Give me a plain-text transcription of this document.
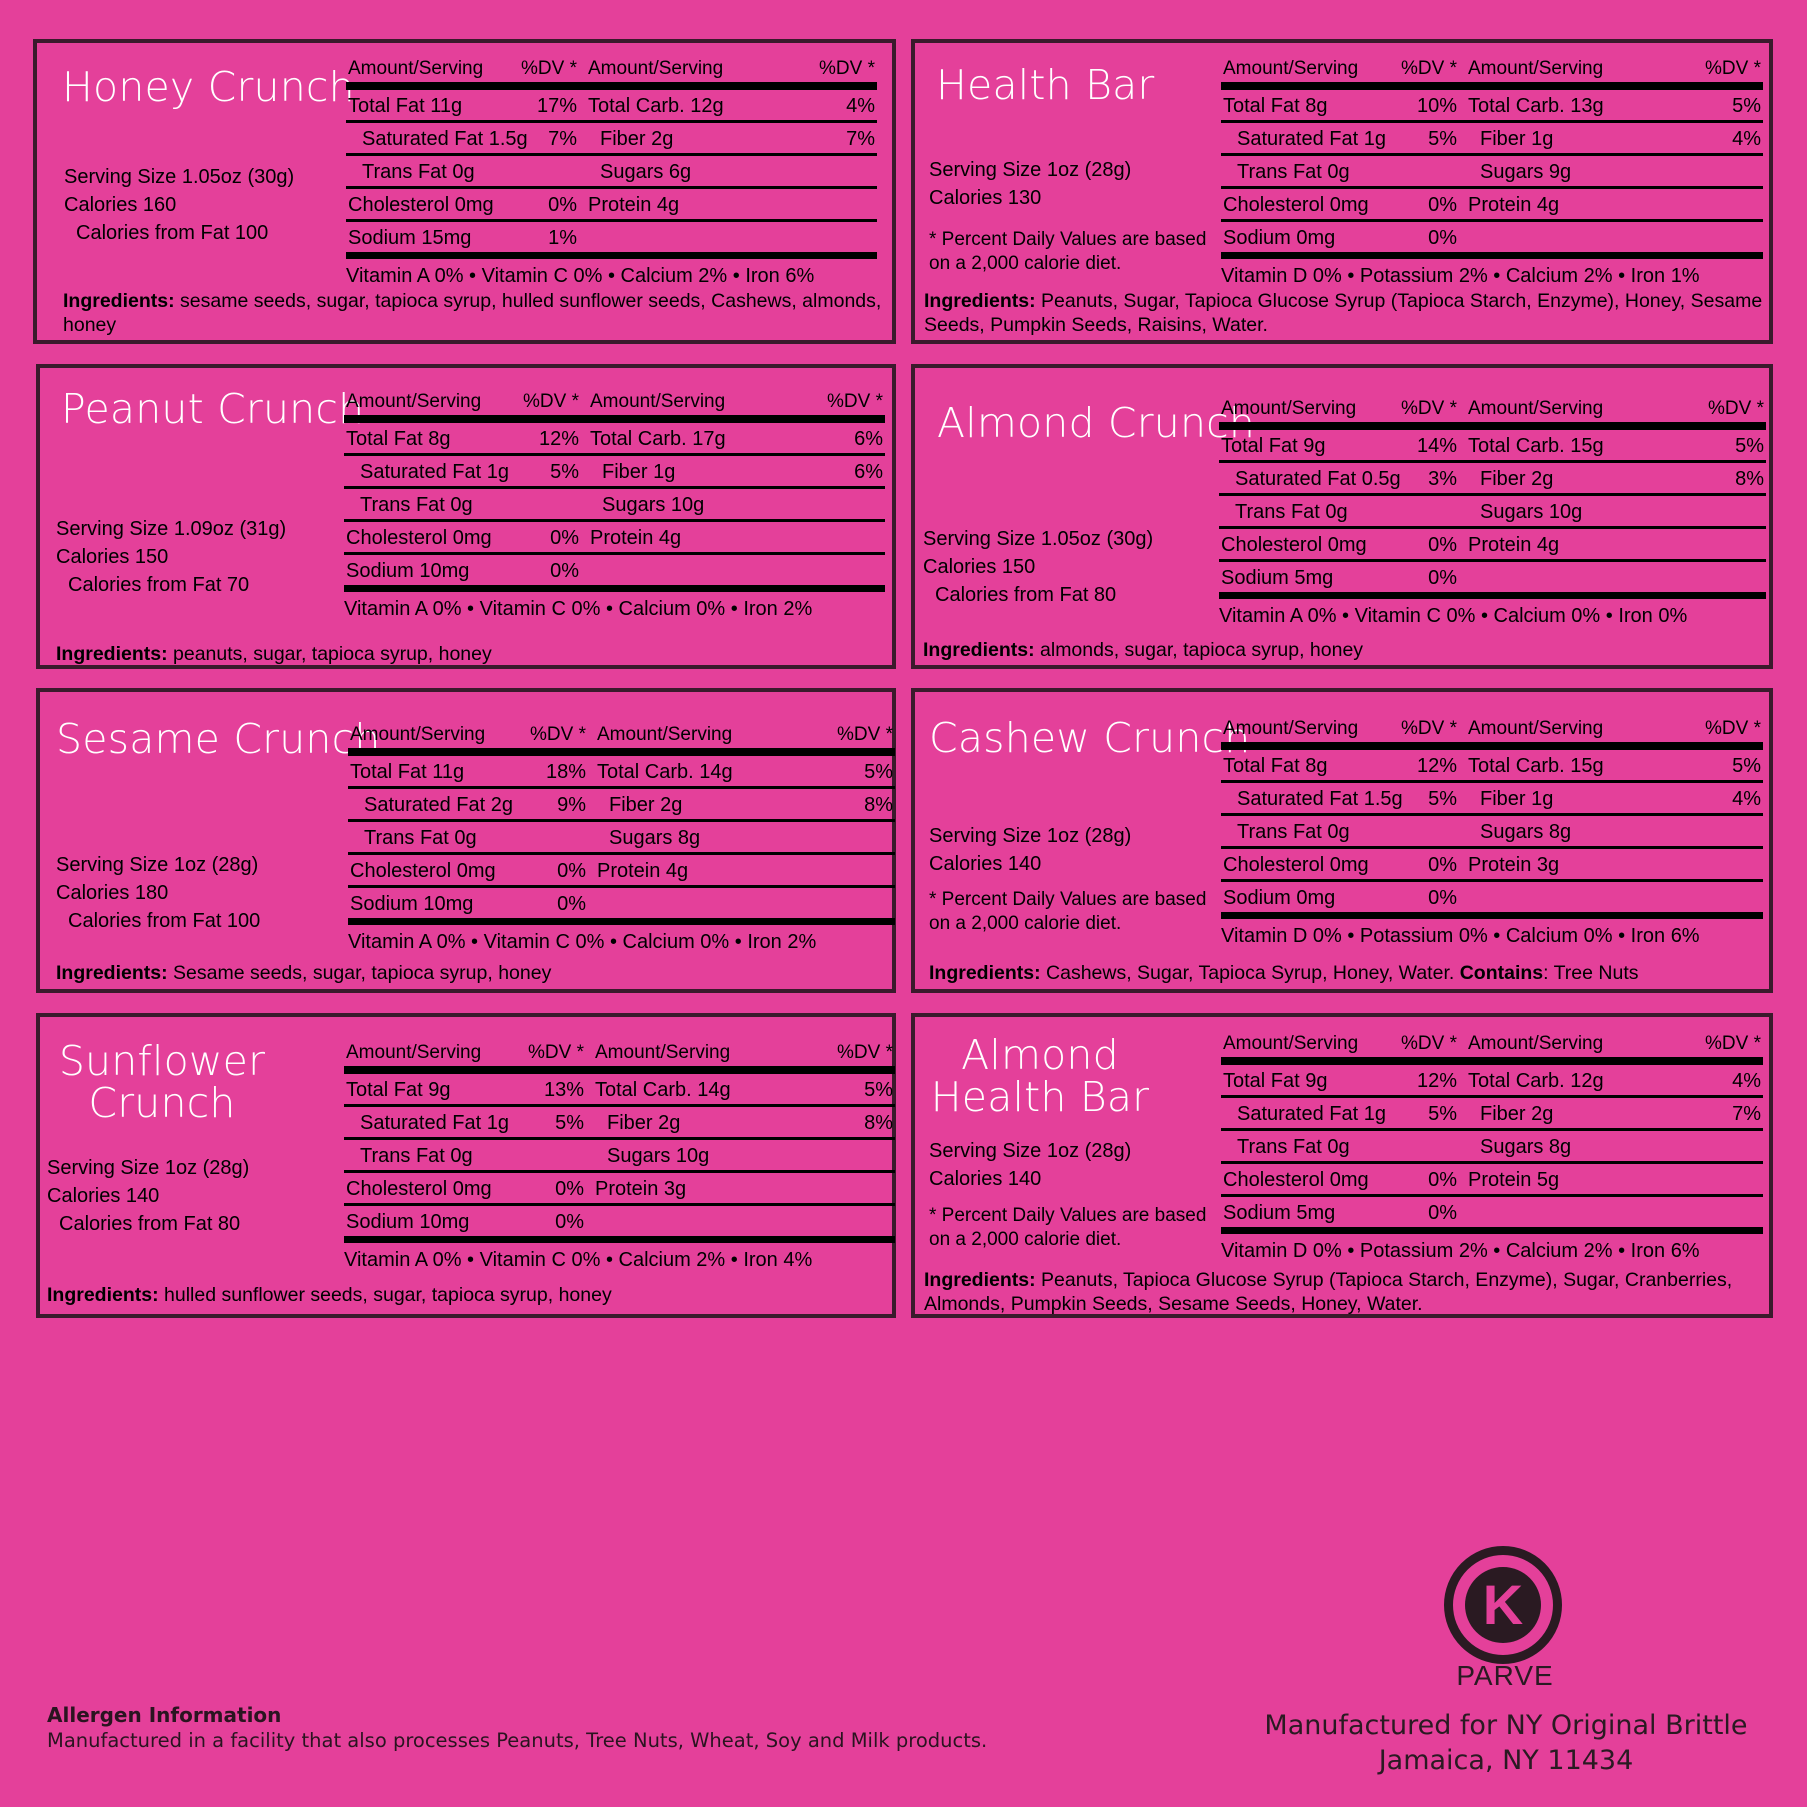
Honey Crunch
Serving Size 1.05oz (30g)
Calories 160
Calories from Fat 100
Amount/Serving %DV * Amount/Serving	%DV *
Total Fat 11g	17% Total Carb. 12g	4%
Saturated Fat 1.5g 7% Fiber 2g	7%
Trans Fat 0g	Sugars 6g
Cholesterol 0mg	0% Protein 4g
Sodium 15mg	1%
Vitamin A 0% • Vitamin C 0% • Calcium 2% • Iron 6%
Ingredients: sesame seeds, sugar, tapioca syrup, hulled sunflower seeds, Cashews, almonds, honey
Health Bar
Serving Size 1oz (28g)
Calories 130
* Percent Daily Values are based on a 2,000 calorie diet.
Amount/Serving %DV * Amount/Serving	%DV *
Total Fat 8g	10% Total Carb. 13g	5%
Saturated Fat 1g 5% Fiber 1g	4%
Trans Fat 0g	Sugars 9g
Cholesterol 0mg	0% Protein 4g
Sodium 0mg	0%
Vitamin D 0% • Potassium 2% • Calcium 2% • Iron 1%
Ingredients: Peanuts, Sugar, Tapioca Glucose Syrup (Tapioca Starch, Enzyme), Honey, Sesame Seeds, Pumpkin Seeds, Raisins, Water.
Peanut Crunch
Serving Size 1.09oz (31g)
Calories 150
Calories from Fat 70
Amount/Serving %DV * Amount/Serving	%DV *
Total Fat 8g	12% Total Carb. 17g	6%
Saturated Fat 1g 5% Fiber 1g	6%
Trans Fat 0g	Sugars 10g
Cholesterol 0mg	0% Protein 4g
Sodium 10mg	0%
Vitamin A 0% • Vitamin C 0% • Calcium 0% • Iron 2%
Ingredients: peanuts, sugar, tapioca syrup, honey
Almond Crunch
Serving Size 1.05oz (30g)
Calories 150
Calories from Fat 80
Amount/Serving %DV * Amount/Serving	%DV *
Total Fat 9g	14% Total Carb. 15g	5%
Saturated Fat 0.5g 3% Fiber 2g	8%
Trans Fat 0g	Sugars 10g
Cholesterol 0mg	0% Protein 4g
Sodium 5mg	0%
Vitamin A 0% • Vitamin C 0% • Calcium 0% • Iron 0%
Ingredients: almonds, sugar, tapioca syrup, honey
Sesame Crunch
Serving Size 1oz (28g)
Calories 180
Calories from Fat 100
Amount/Serving %DV * Amount/Serving	%DV *
Total Fat 11g	18% Total Carb. 14g	5%
Saturated Fat 2g 9% Fiber 2g	8%
Trans Fat 0g	Sugars 8g
Cholesterol 0mg	0% Protein 4g
Sodium 10mg	0%
Vitamin A 0% • Vitamin C 0% • Calcium 0% • Iron 2%
Ingredients: Sesame seeds, sugar, tapioca syrup, honey
Cashew Crunch
Serving Size 1oz (28g)
Calories 140
* Percent Daily Values are based on a 2,000 calorie diet.
Amount/Serving %DV * Amount/Serving	%DV *
Total Fat 8g	12% Total Carb. 15g	5%
Saturated Fat 1.5g 5% Fiber 1g	4%
Trans Fat 0g	Sugars 8g
Cholesterol 0mg	0% Protein 3g
Sodium 0mg	0%
Vitamin D 0% • Potassium 0% • Calcium 0% • Iron 6%
Ingredients: Cashews, Sugar, Tapioca Syrup, Honey, Water. Contains: Tree Nuts
Sunflower
Crunch
Serving Size 1oz (28g)
Calories 140
Calories from Fat 80
Amount/Serving %DV * Amount/Serving	%DV *
Total Fat 9g	13% Total Carb. 14g	5%
Saturated Fat 1g 5% Fiber 2g	8%
Trans Fat 0g	Sugars 10g
Cholesterol 0mg	0% Protein 3g
Sodium 10mg	0%
Vitamin A 0% • Vitamin C 0% • Calcium 2% • Iron 4%
Ingredients: hulled sunflower seeds, sugar, tapioca syrup, honey
Almond
Health Bar
Serving Size 1oz (28g)
Calories 140
* Percent Daily Values are based on a 2,000 calorie diet.
Amount/Serving %DV * Amount/Serving	%DV *
Total Fat 9g	12% Total Carb. 12g	4%
Saturated Fat 1g 5% Fiber 2g	7%
Trans Fat 0g	Sugars 8g
Cholesterol 0mg	0% Protein 5g
Sodium 5mg	0%
Vitamin D 0% • Potassium 2% • Calcium 2% • Iron 6%
Ingredients: Peanuts, Tapioca Glucose Syrup (Tapioca Starch, Enzyme), Sugar, Cranberries, Almonds, Pumpkin Seeds, Sesame Seeds, Honey, Water.
Allergen Information
Manufactured in a facility that also processes Peanuts, Tree Nuts, Wheat, Soy and Milk products.
K
PARVE
Manufactured for NY Original Brittle
Jamaica, NY 11434
